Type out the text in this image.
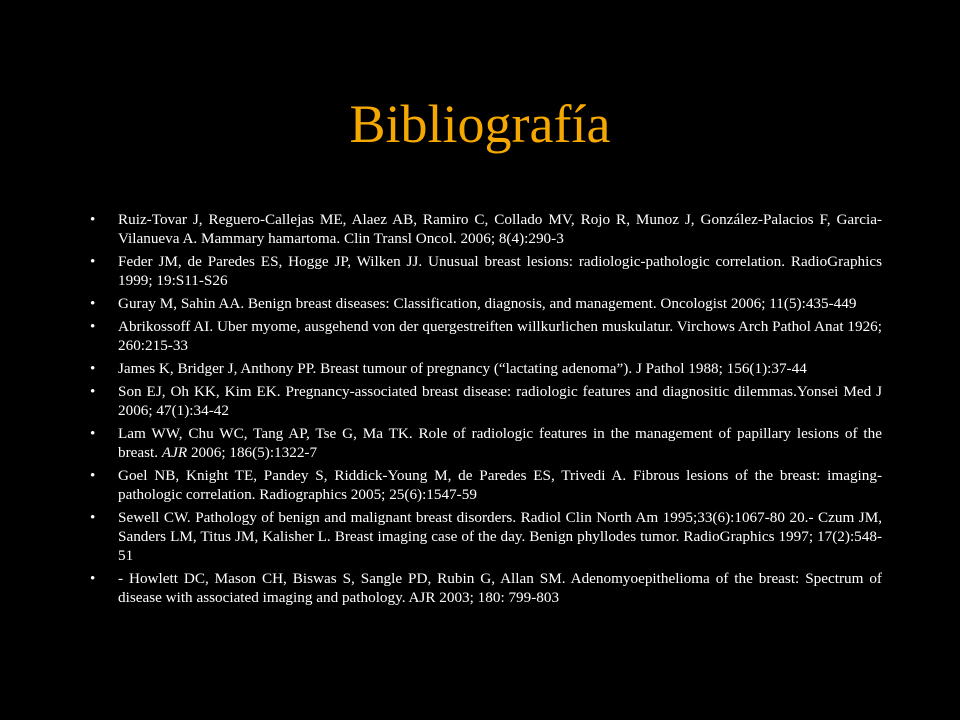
Bibliografía
•	Ruiz-Tovar J, Reguero-Callejas ME, Alaez AB, Ramiro C, Collado MV, Rojo R, Munoz J, González-Palacios F, Garcia-Vilanueva A. Mammary hamartoma. Clin Transl Oncol. 2006; 8(4):290-3
•	Feder JM, de Paredes ES, Hogge JP, Wilken JJ. Unusual breast lesions: radiologic-pathologic correlation. RadioGraphics 1999; 19:S11-S26
•	Guray M, Sahin AA. Benign breast diseases: Classification, diagnosis, and management. Oncologist 2006; 11(5):435-449
•	Abrikossoff AI. Uber myome, ausgehend von der quergestreiften willkurlichen muskulatur. Virchows Arch Pathol Anat 1926; 260:215-33
•	James K, Bridger J, Anthony PP. Breast tumour of pregnancy (“lactating adenoma”). J Pathol 1988; 156(1):37-44
•	Son EJ, Oh KK, Kim EK. Pregnancy-associated breast disease: radiologic features and diagnositic dilemmas.Yonsei Med J 2006; 47(1):34-42
•	Lam WW, Chu WC, Tang AP, Tse G, Ma TK. Role of radiologic features in the management of papillary lesions of the breast. AJR 2006; 186(5):1322-7
•	Goel NB, Knight TE, Pandey S, Riddick-Young M, de Paredes ES, Trivedi A. Fibrous lesions of the breast: imaging-pathologic correlation. Radiographics 2005; 25(6):1547-59
•	Sewell CW. Pathology of benign and malignant breast disorders. Radiol Clin North Am 1995;33(6):1067-80 20.- Czum JM, Sanders LM, Titus JM, Kalisher L. Breast imaging case of the day. Benign phyllodes tumor. RadioGraphics 1997; 17(2):548-51
•	- Howlett DC, Mason CH, Biswas S, Sangle PD, Rubin G, Allan SM. Adenomyoepithelioma of the breast: Spectrum of disease with associated imaging and pathology. AJR 2003; 180: 799-803
